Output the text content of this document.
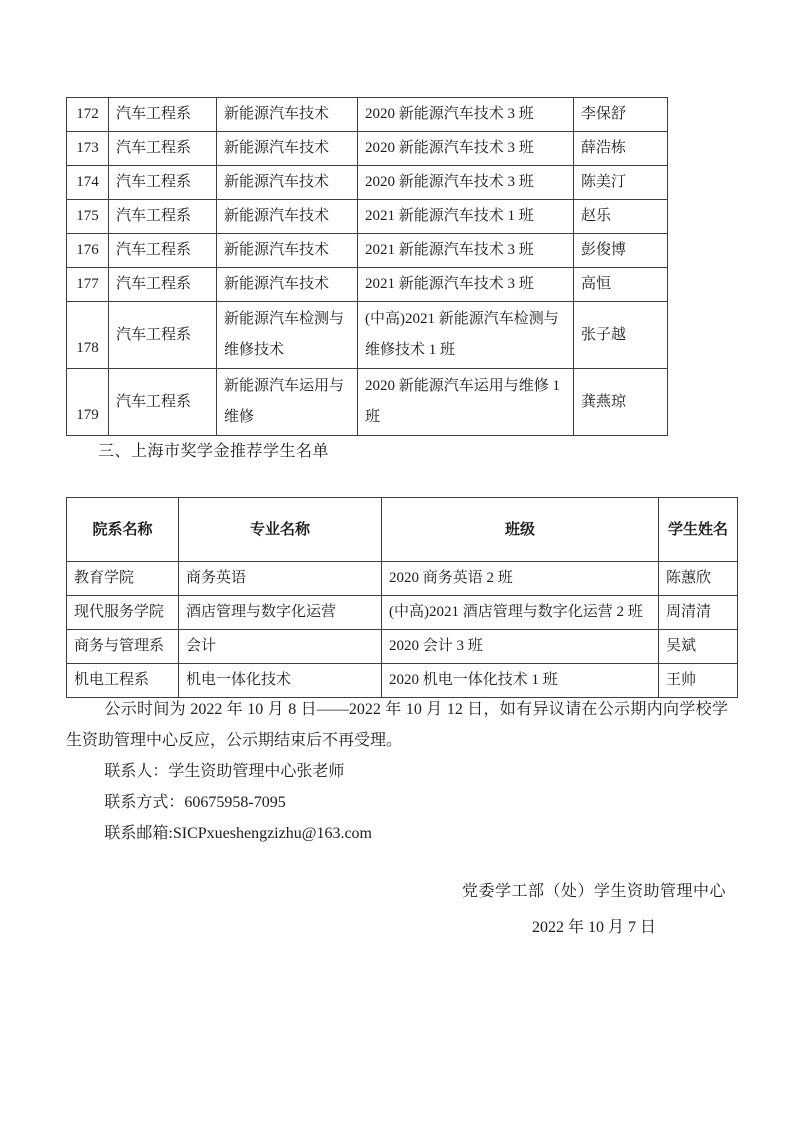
172	汽车工程系	新能源汽车技术	2020 新能源汽车技术 3 班	李保舒
173	汽车工程系	新能源汽车技术	2020 新能源汽车技术 3 班	薛浩栋
174	汽车工程系	新能源汽车技术	2020 新能源汽车技术 3 班	陈美汀
175	汽车工程系	新能源汽车技术	2021 新能源汽车技术 1 班	赵乐
176	汽车工程系	新能源汽车技术	2021 新能源汽车技术 3 班	彭俊博
177	汽车工程系	新能源汽车技术	2021 新能源汽车技术 3 班	高恒
178	汽车工程系	新能源汽车检测与维修技术	(中高)2021 新能源汽车检测与维修技术 1 班	张子越
179	汽车工程系	新能源汽车运用与维修	2020 新能源汽车运用与维修 1 班	龚燕琼
三、上海市奖学金推荐学生名单
院系名称	专业名称	班级	学生姓名
教育学院	商务英语	2020 商务英语 2 班	陈蕙欣
现代服务学院	酒店管理与数字化运营	(中高)2021 酒店管理与数字化运营 2 班	周清清
商务与管理系	会计	2020 会计 3 班	吴斌
机电工程系	机电一体化技术	2020 机电一体化技术 1 班	王帅

公示时间为 2022 年 10 月 8 日——2022 年 10 月 12 日，如有异议请在公示期内向学校学生资助管理中心反应，公示期结束后不再受理。

联系人：学生资助管理中心张老师

联系方式：60675958-7095

联系邮箱:SICPxueshengzizhu@163.com

党委学工部（处）学生资助管理中心
2022 年 10 月 7 日
